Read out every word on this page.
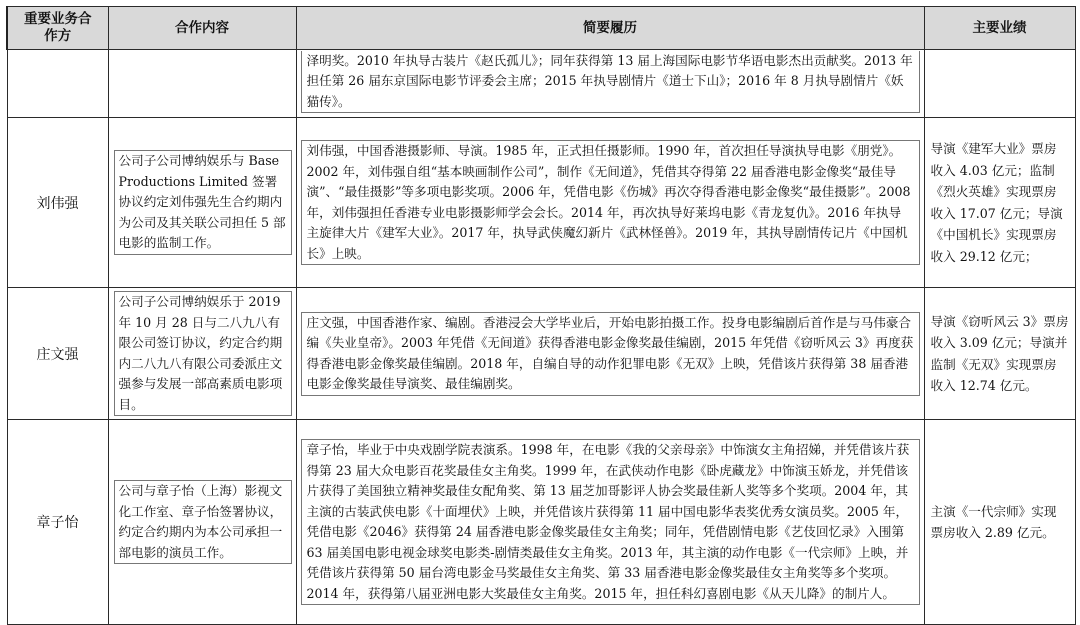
重要业务合作方	合作内容	简要履历	主要业绩

		泽明奖。2010 年执导古装片《赵氏孤儿》；同年获得第 13 届上海国际电影节华语电影杰出贡献奖。2013 年担任第 26 届东京国际电影节评委会主席；2015 年执导剧情片《道士下山》；2016 年 8 月执导剧情片《妖猫传》。	

刘伟强	公司子公司博纳娱乐与 Base Productions Limited 签署协议约定刘伟强先生合约期内为公司及其关联公司担任 5 部电影的监制工作。	刘伟强，中国香港摄影师、导演。1985 年，正式担任摄影师。1990 年，首次担任导演执导电影《朋党》。2002 年，刘伟强自组“基本映画制作公司”，制作《无间道》，凭借其夺得第 22 届香港电影金像奖“最佳导演”、“最佳摄影”等多项电影奖项。2006 年，凭借电影《伤城》再次夺得香港电影金像奖“最佳摄影”。2008 年，刘伟强担任香港专业电影摄影师学会会长。2014 年，再次执导好莱坞电影《青龙复仇》。2016 年执导主旋律大片《建军大业》。2017 年，执导武侠魔幻新片《武林怪兽》。2019 年，其执导剧情传记片《中国机长》上映。	导演《建军大业》票房收入 4.03 亿元；监制《烈火英雄》实现票房收入 17.07 亿元；导演《中国机长》实现票房收入 29.12 亿元；
庄文强	公司子公司博纳娱乐于 2019 年 10 月 28 日与二八九八有限公司签订协议，约定合约期内二八九八有限公司委派庄文强参与发展一部高素质电影项目。	庄文强，中国香港作家、编剧。香港浸会大学毕业后，开始电影拍摄工作。投身电影编剧后首作是与马伟豪合编《失业皇帝》。2003 年凭借《无间道》获得香港电影金像奖最佳编剧，2015 年凭借《窃听风云 3》再度获得香港电影金像奖最佳编剧。2018 年，自编自导的动作犯罪电影《无双》上映，凭借该片获得第 38 届香港电影金像奖最佳导演奖、最佳编剧奖。	导演《窃听风云 3》票房收入 3.09 亿元；导演并监制《无双》实现票房收入 12.74 亿元。
章子怡	公司与章子怡（上海）影视文化工作室、章子怡签署协议，约定合约期内为本公司承担一部电影的演员工作。	章子怡，毕业于中央戏剧学院表演系。1998 年，在电影《我的父亲母亲》中饰演女主角招娣，并凭借该片获得第 23 届大众电影百花奖最佳女主角奖。1999 年，在武侠动作电影《卧虎藏龙》中饰演玉娇龙，并凭借该片获得了美国独立精神奖最佳女配角奖、第 13 届芝加哥影评人协会奖最佳新人奖等多个奖项。2004 年，其主演的古装武侠电影《十面埋伏》上映，并凭借该片获得第 11 届中国电影华表奖优秀女演员奖。2005 年，凭借电影《2046》获得第 24 届香港电影金像奖最佳女主角奖；同年，凭借剧情电影《艺伎回忆录》入围第 63 届美国电影电视金球奖电影类-剧情类最佳女主角奖。2013 年，其主演的动作电影《一代宗师》上映，并凭借该片获得第 50 届台湾电影金马奖最佳女主角奖、第 33 届香港电影金像奖最佳女主角奖等多个奖项。2014 年，获得第八届亚洲电影大奖最佳女主角奖。2015 年，担任科幻喜剧电影《从天儿降》的制片人。	主演《一代宗师》实现票房收入 2.89 亿元。
